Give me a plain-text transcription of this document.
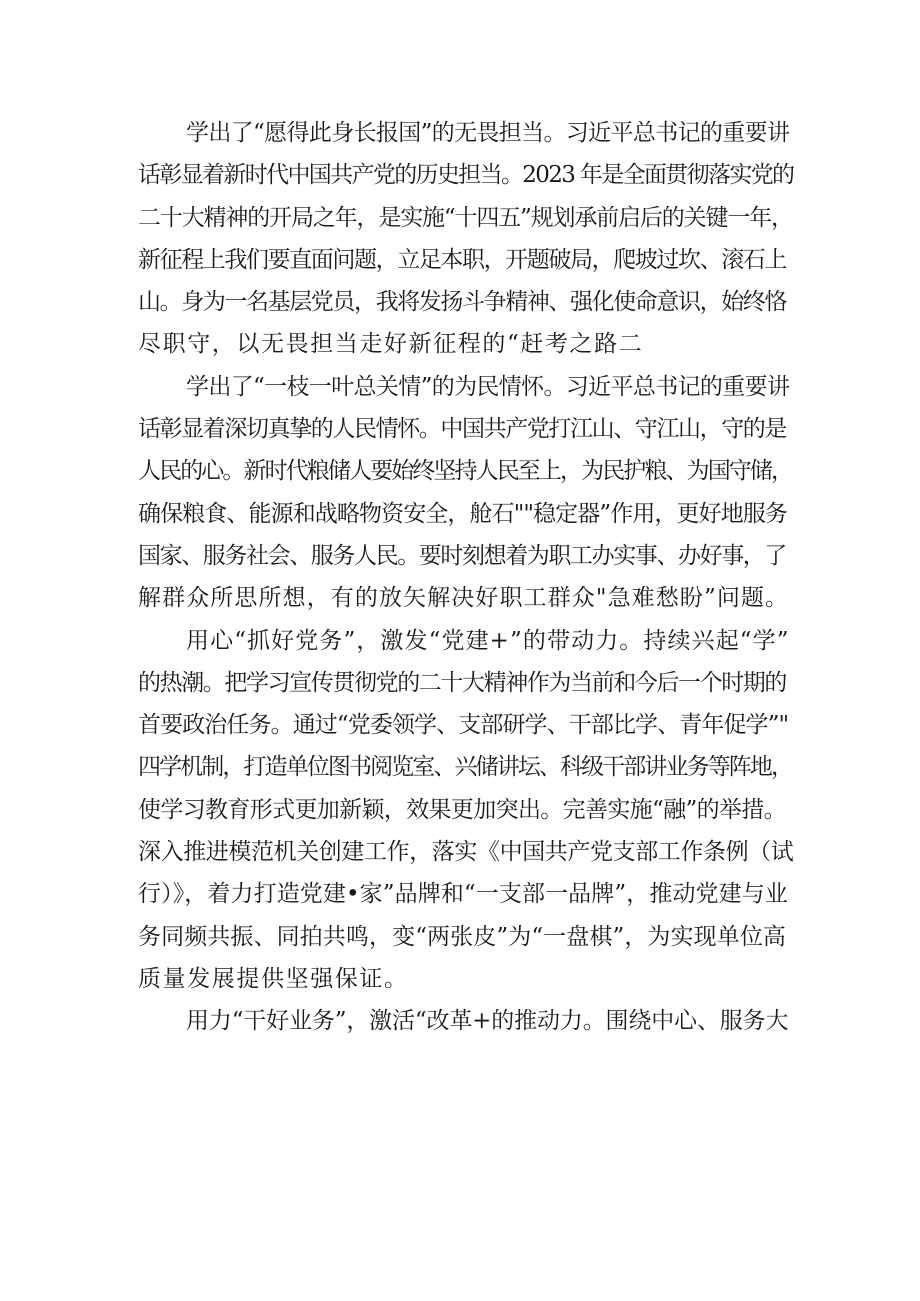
学出了“愿得此身长报国”的无畏担当。习近平总书记的重要讲
话彰显着新时代中国共产党的历史担当。2023 年是全面贯彻落实党的
二十大精神的开局之年，是实施“十四五”规划承前启后的关键一年，
新征程上我们要直面问题，立足本职，开题破局，爬坡过坎、滚石上
山。身为一名基层党员，我将发扬斗争精神、强化使命意识，始终恪
尽职守，以无畏担当走好新征程的“赶考之路二
学出了“一枝一叶总关情”的为民情怀。习近平总书记的重要讲
话彰显着深切真挚的人民情怀。中国共产党打江山、守江山，守的是
人民的心。新时代粮储人要始终坚持人民至上，为民护粮、为国守储，
确保粮食、能源和战略物资安全，舱石""稳定器”作用，更好地服务
国家、服务社会、服务人民。要时刻想着为职工办实事、办好事，了
解群众所思所想，有的放矢解决好职工群众"急难愁盼”问题。
用心“抓好党务”，激发“党建+”的带动力。持续兴起“学”
的热潮。把学习宣传贯彻党的二十大精神作为当前和今后一个时期的
首要政治任务。通过“党委领学、支部研学、干部比学、青年促学”"
四学机制，打造单位图书阅览室、兴储讲坛、科级干部讲业务等阵地，
使学习教育形式更加新颖，效果更加突出。完善实施“融”的举措。
深入推进模范机关创建工作，落实《中国共产党支部工作条例（试
行）》，着力打造党建•家”品牌和“一支部一品牌”，推动党建与业
务同频共振、同拍共鸣，变“两张皮”为“一盘棋”，为实现单位高
质量发展提供坚强保证。
用力“干好业务”，激活“改革+的推动力。围绕中心、服务大
